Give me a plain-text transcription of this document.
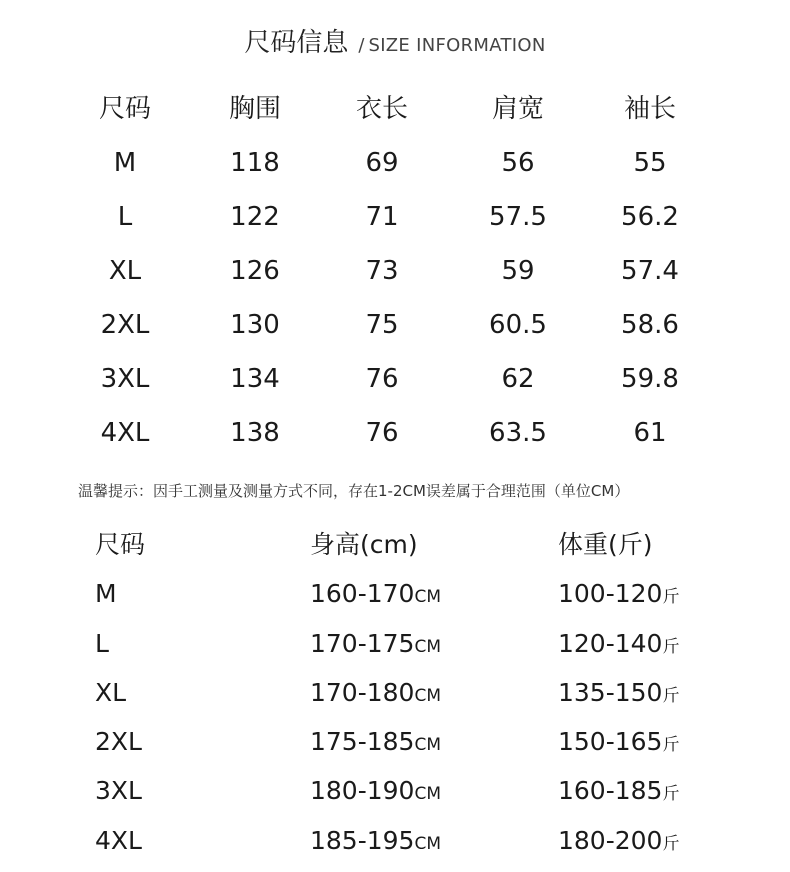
尺码信息 / SIZE INFORMATION
尺码	胸围	衣长	肩宽	袖长
M	118	69	56	55
L	122	71	57.5	56.2
XL	126	73	59	57.4
2XL	130	75	60.5	58.6
3XL	134	76	62	59.8
4XL	138	76	63.5	61
温馨提示：因手工测量及测量方式不同，存在1-2CM误差属于合理范围（单位CM）
尺码	身高(cm)	体重(斤)
M	160-170CM	100-120斤
L	170-175CM	120-140斤
XL	170-180CM	135-150斤
2XL	175-185CM	150-165斤
3XL	180-190CM	160-185斤
4XL	185-195CM	180-200斤
